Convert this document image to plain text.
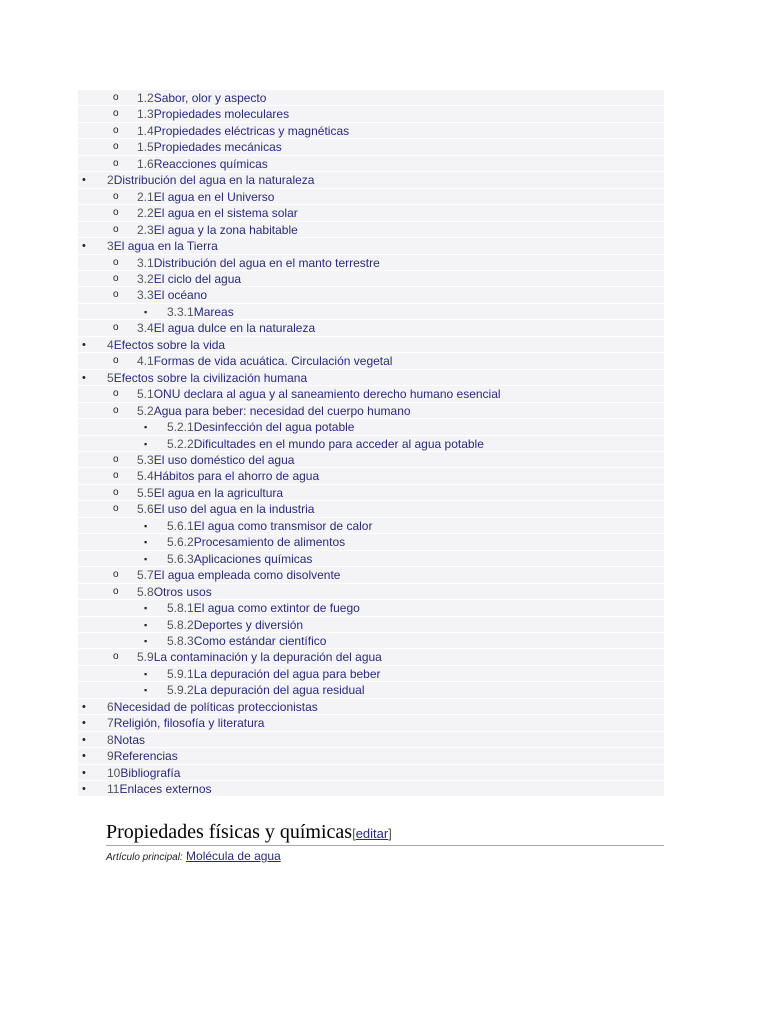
o 1.2Sabor, olor y aspecto
o 1.3Propiedades moleculares
o 1.4Propiedades eléctricas y magnéticas
o 1.5Propiedades mecánicas
o 1.6Reacciones químicas
• 2Distribución del agua en la naturaleza
o 2.1El agua en el Universo
o 2.2El agua en el sistema solar
o 2.3El agua y la zona habitable
• 3El agua en la Tierra
o 3.1Distribución del agua en el manto terrestre
o 3.2El ciclo del agua
o 3.3El océano
▪ 3.3.1Mareas
o 3.4El agua dulce en la naturaleza
• 4Efectos sobre la vida
o 4.1Formas de vida acuática. Circulación vegetal
• 5Efectos sobre la civilización humana
o 5.1ONU declara al agua y al saneamiento derecho humano esencial
o 5.2Agua para beber: necesidad del cuerpo humano
▪ 5.2.1Desinfección del agua potable
▪ 5.2.2Dificultades en el mundo para acceder al agua potable
o 5.3El uso doméstico del agua
o 5.4Hábitos para el ahorro de agua
o 5.5El agua en la agricultura
o 5.6El uso del agua en la industria
▪ 5.6.1El agua como transmisor de calor
▪ 5.6.2Procesamiento de alimentos
▪ 5.6.3Aplicaciones químicas
o 5.7El agua empleada como disolvente
o 5.8Otros usos
▪ 5.8.1El agua como extintor de fuego
▪ 5.8.2Deportes y diversión
▪ 5.8.3Como estándar científico
o 5.9La contaminación y la depuración del agua
▪ 5.9.1La depuración del agua para beber
▪ 5.9.2La depuración del agua residual
• 6Necesidad de políticas proteccionistas
• 7Religión, filosofía y literatura
• 8Notas
• 9Referencias
• 10Bibliografía
• 11Enlaces externos
Propiedades físicas y químicas[editar]
Artículo principal: Molécula de agua
